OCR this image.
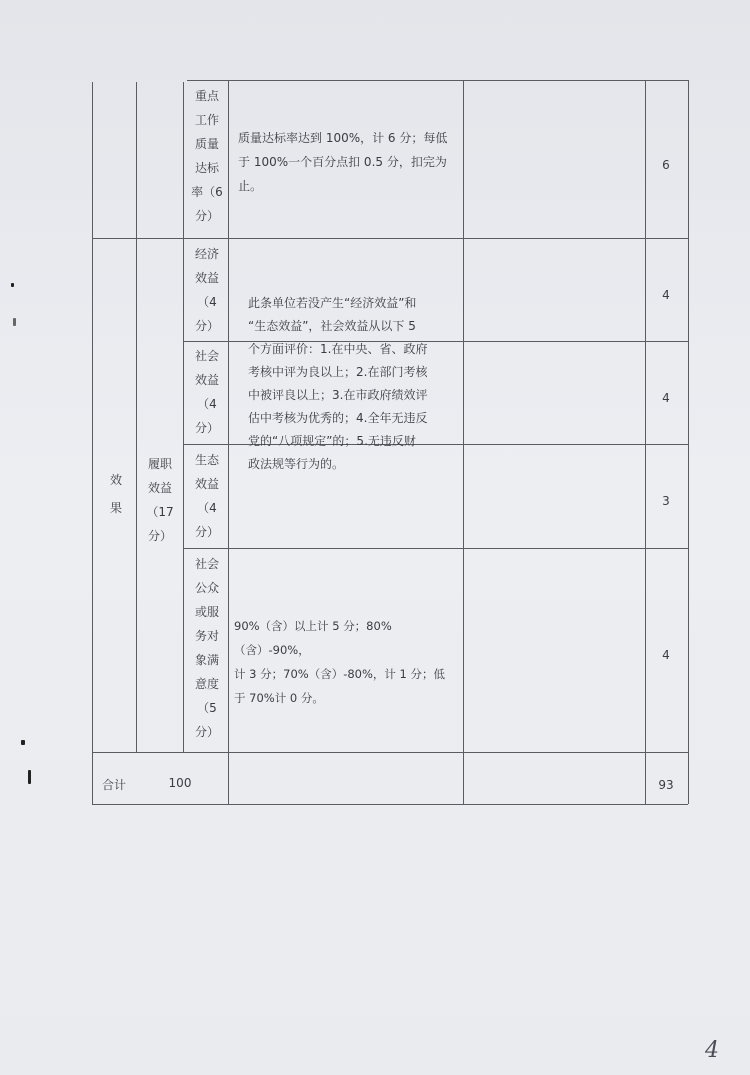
重点
工作
质量
达标
率（6
分）
质量达标率达到 100%，计 6 分；每低
于 100%一个百分点扣 0.5 分，扣完为
止。
6
效
果
履职
效益
（17
分）
经济
效益
（4
分）
4
社会
效益
（4
分）
4
生态
效益
（4
分）
3
此条单位若没产生“经济效益”和
“生态效益”，社会效益从以下 5
个方面评价：1.在中央、省、政府
考核中评为良以上；2.在部门考核
中被评良以上；3.在市政府绩效评
估中考核为优秀的；4.全年无违反
党的“八项规定”的；5.无违反财
政法规等行为的。
社会
公众
或服
务对
象满
意度
（5
分）
90%（含）以上计 5 分；80%（含）-90%，
计 3 分；70%（含）-80%，计 1 分；低
于 70%计 0 分。
4
合计	100	93
4
